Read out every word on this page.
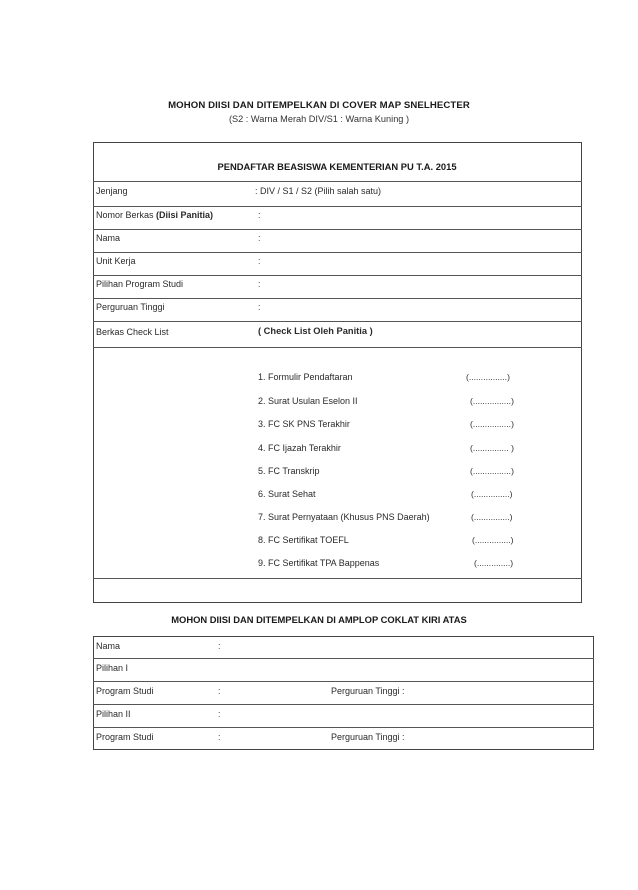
MOHON DIISI DAN DITEMPELKAN DI COVER MAP SNELHECTER
(S2 : Warna Merah DIV/S1 : Warna Kuning )
PENDAFTAR BEASISWA KEMENTERIAN PU T.A. 2015
Jenjang	: DIV / S1 / S2 (Pilih salah satu)
Nomor Berkas (Diisi Panitia)	:
Nama	:
Unit Kerja	:
Pilihan Program Studi	:
Perguruan Tinggi	:
Berkas Check List	( Check List Oleh Panitia )
1. Formulir Pendaftaran	(................)
2. Surat Usulan Eselon II	(................)
3. FC SK PNS Terakhir	(................)
4. FC Ijazah Terakhir	(............... )
5. FC Transkrip	(................)
6. Surat Sehat	(...............)
7. Surat Pernyataan (Khusus PNS Daerah)	(...............)
8. FC Sertifikat TOEFL	(...............)
9. FC Sertifikat TPA Bappenas	(..............)
MOHON DIISI DAN DITEMPELKAN DI AMPLOP COKLAT KIRI ATAS
Nama	:
Pilihan I
Program Studi	:	Perguruan Tinggi :
Pilihan II	:
Program Studi	:	Perguruan Tinggi :
